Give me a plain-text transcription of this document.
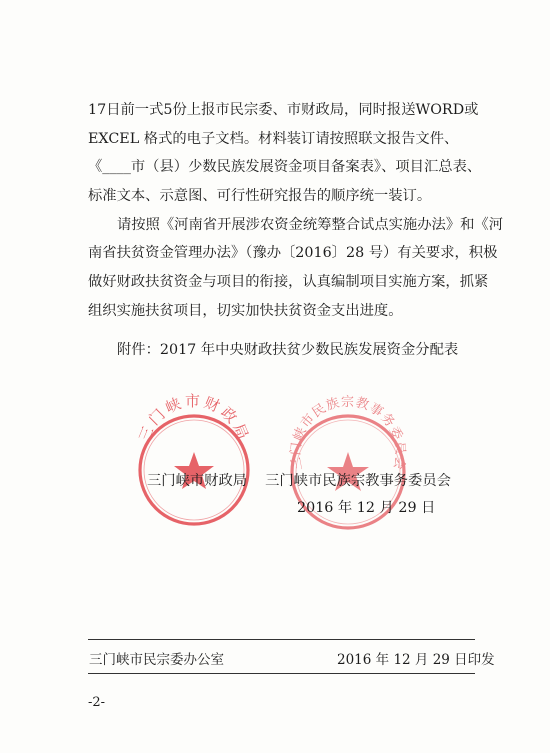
17日前一式5份上报市民宗委、市财政局，同时报送WORD或
EXCEL 格式的电子文档。材料装订请按照联文报告文件、
《____市（县）少数民族发展资金项目备案表》、项目汇总表、
标准文本、示意图、可行性研究报告的顺序统一装订。
请按照《河南省开展涉农资金统筹整合试点实施办法》和《河
南省扶贫资金管理办法》（豫办〔2016〕28 号）有关要求，积极
做好财政扶贫资金与项目的衔接，认真编制项目实施方案，抓紧
组织实施扶贫项目，切实加快扶贫资金支出进度。
附件：2017 年中央财政扶贫少数民族发展资金分配表
三门峡市财政局
三门峡市民族宗教事务委员会
三门峡市财政局 三门峡市民族宗教事务委员会
2016 年 12 月 29 日
三门峡市民宗委办公室	2016 年 12 月 29 日印发
-2-
